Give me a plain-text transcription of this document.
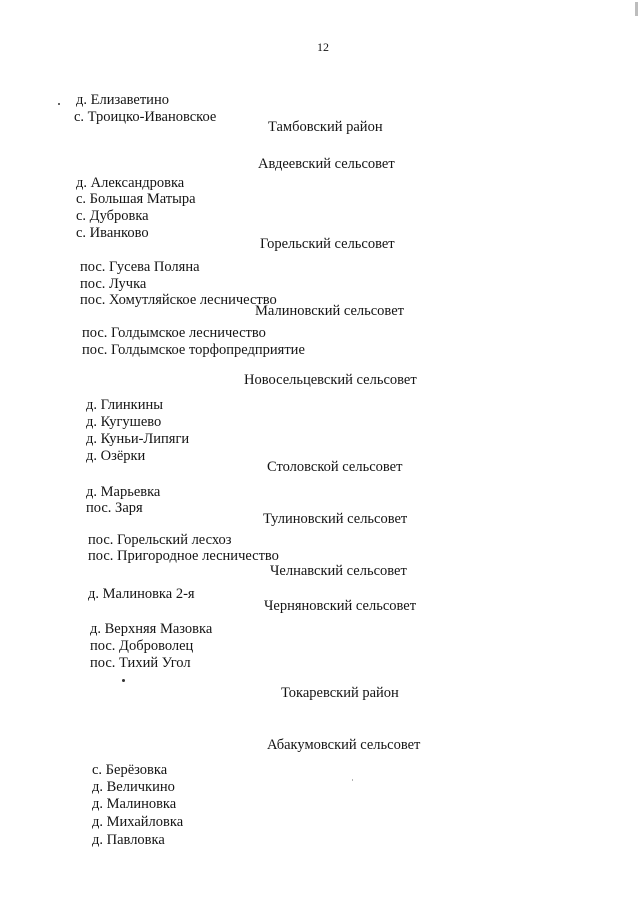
12
д. Елизаветино
с. Троицко-Ивановское
Тамбовский район
Авдеевский сельсовет
д. Александровка
с. Большая Матыра
с. Дубровка
с. Иванково
Горельский сельсовет
пос. Гусева Поляна
пос. Лучка
пос. Хомутляйское лесничество
Малиновский сельсовет
пос. Голдымское лесничество
пос. Голдымское торфопредприятие
Новосельцевский сельсовет
д. Глинкины
д. Кугушево
д. Куньи-Липяги
д. Озёрки
Столовской сельсовет
д. Марьевка
пос. Заря
Тулиновский сельсовет
пос. Горельский лесхоз
пос. Пригородное лесничество
Челнавский сельсовет
д. Малиновка 2-я
Черняновский сельсовет
д. Верхняя Мазовка
пос. Доброволец
пос. Тихий Угол
Токаревский район
Абакумовский сельсовет
с. Берёзовка
д. Величкино
д. Малиновка
д. Михайловка
д. Павловка
